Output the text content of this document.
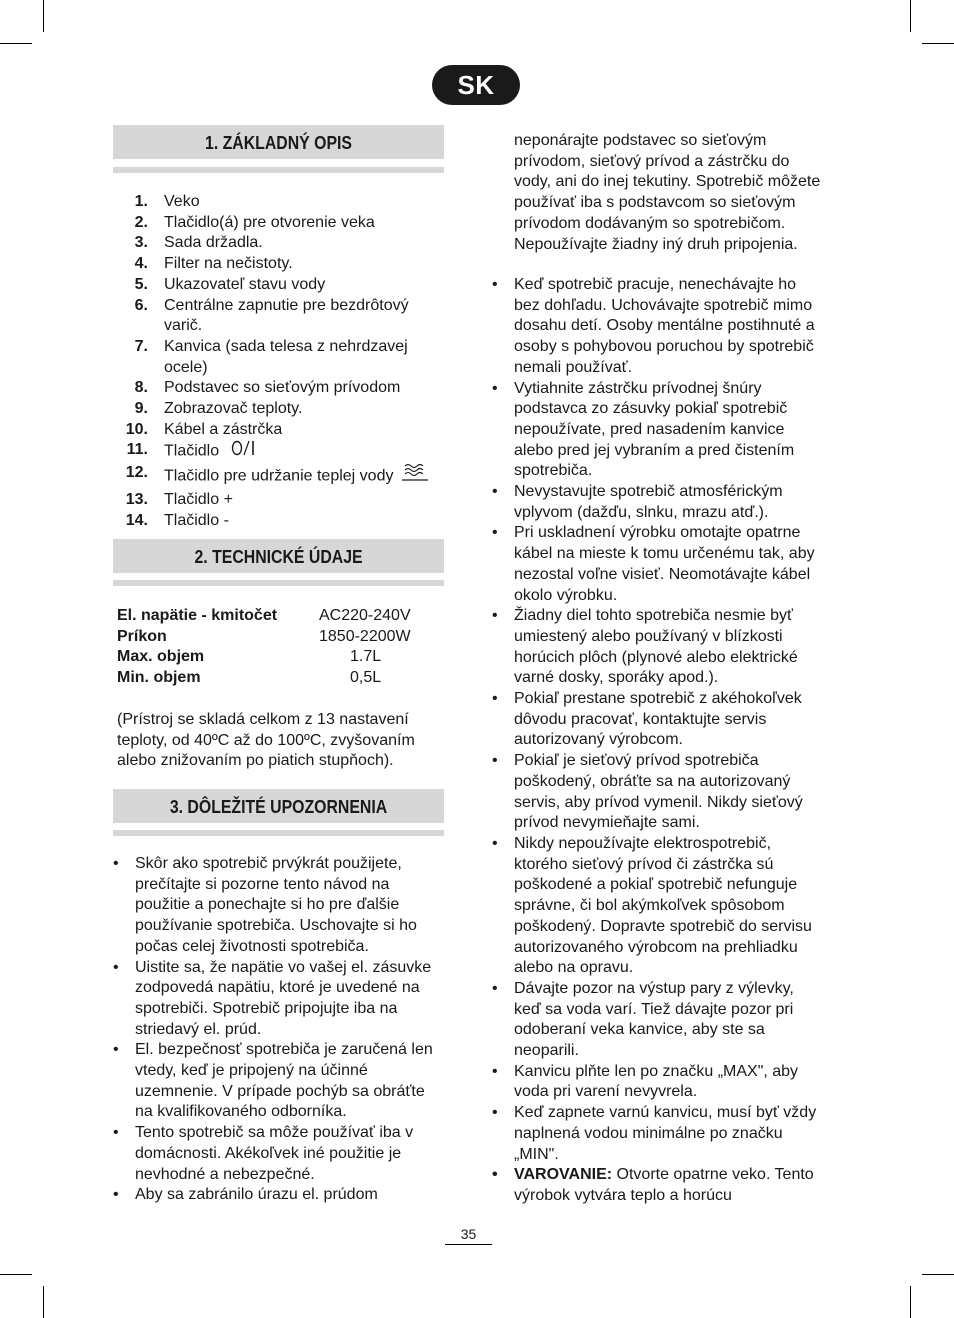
SK
1. ZÁKLADNÝ OPIS
1. Veko
2. Tlačidlo(á) pre otvorenie veka
3. Sada držadla.
4. Filter na nečistoty.
5. Ukazovateľ stavu vody
6. Centrálne zapnutie pre bezdrôtový varič.
7. Kanvica (sada telesa z nehrdzavej ocele)
8. Podstavec so sieťovým prívodom
9. Zobrazovač teploty.
10. Kábel a zástrčka
11. Tlačidlo
12. Tlačidlo pre udržanie teplej vody
13. Tlačidlo +
14. Tlačidlo -
2. TECHNICKÉ ÚDAJE
El. napätie - kmitočet	AC220-240V
Príkon	1850-2200W
Max. objem	1.7L
Min. objem	0,5L
(Prístroj se skladá celkom z 13 nastavení teploty, od 40ºC až do 100ºC, zvyšovaním alebo znižovaním po piatich stupňoch).
3. DÔLEŽITÉ UPOZORNENIA
• Skôr ako spotrebič prvýkrát použijete, prečítajte si pozorne tento návod na použitie a ponechajte si ho pre ďalšie používanie spotrebiča. Uschovajte si ho počas celej životnosti spotrebiča.
• Uistite sa, že napätie vo vašej el. zásuvke zodpovedá napätiu, ktoré je uvedené na spotrebiči. Spotrebič pripojujte iba na striedavý el. prúd.
• El. bezpečnosť spotrebiča je zaručená len vtedy, keď je pripojený na účinné uzemnenie. V prípade pochýb sa obráťte na kvalifikovaného odborníka.
• Tento spotrebič sa môže používať iba v domácnosti. Akékoľvek iné použitie je nevhodné a nebezpečné.
• Aby sa zabránilo úrazu el. prúdom
neponárajte podstavec so sieťovým prívodom, sieťový prívod a zástrčku do vody, ani do inej tekutiny. Spotrebič môžete používať iba s podstavcom so sieťovým prívodom dodávaným so spotrebičom. Nepoužívajte žiadny iný druh pripojenia.
• Keď spotrebič pracuje, nenechávajte ho bez dohľadu. Uchovávajte spotrebič mimo dosahu detí. Osoby mentálne postihnuté a osoby s pohybovou poruchou by spotrebič nemali používať.
• Vytiahnite zástrčku prívodnej šnúry podstavca zo zásuvky pokiaľ spotrebič nepoužívate, pred nasadením kanvice alebo pred jej vybraním a pred čistením spotrebiča.
• Nevystavujte spotrebič atmosférickým vplyvom (dažďu, slnku, mrazu atď.).
• Pri uskladnení výrobku omotajte opatrne kábel na mieste k tomu určenému tak, aby nezostal voľne visieť. Neomotávajte kábel okolo výrobku.
• Žiadny diel tohto spotrebiča nesmie byť umiestený alebo používaný v blízkosti horúcich plôch (plynové alebo elektrické varné dosky, sporáky apod.).
• Pokiaľ prestane spotrebič z akéhokoľvek dôvodu pracovať, kontaktujte servis autorizovaný výrobcom.
• Pokiaľ je sieťový prívod spotrebiča poškodený, obráťte sa na autorizovaný servis, aby prívod vymenil. Nikdy sieťový prívod nevymieňajte sami.
• Nikdy nepoužívajte elektrospotrebič, ktorého sieťový prívod či zástrčka sú poškodené a pokiaľ spotrebič nefunguje správne, či bol akýmkoľvek spôsobom poškodený. Dopravte spotrebič do servisu autorizovaného výrobcom na prehliadku alebo na opravu.
• Dávajte pozor na výstup pary z výlevky, keď sa voda varí. Tiež dávajte pozor pri odoberaní veka kanvice, aby ste sa neoparili.
• Kanvicu plňte len po značku „MAX", aby voda pri varení nevyvrela.
• Keď zapnete varnú kanvicu, musí byť vždy naplnená vodou minimálne po značku „MIN".
• VAROVANIE: Otvorte opatrne veko. Tento výrobok vytvára teplo a horúcu
35
